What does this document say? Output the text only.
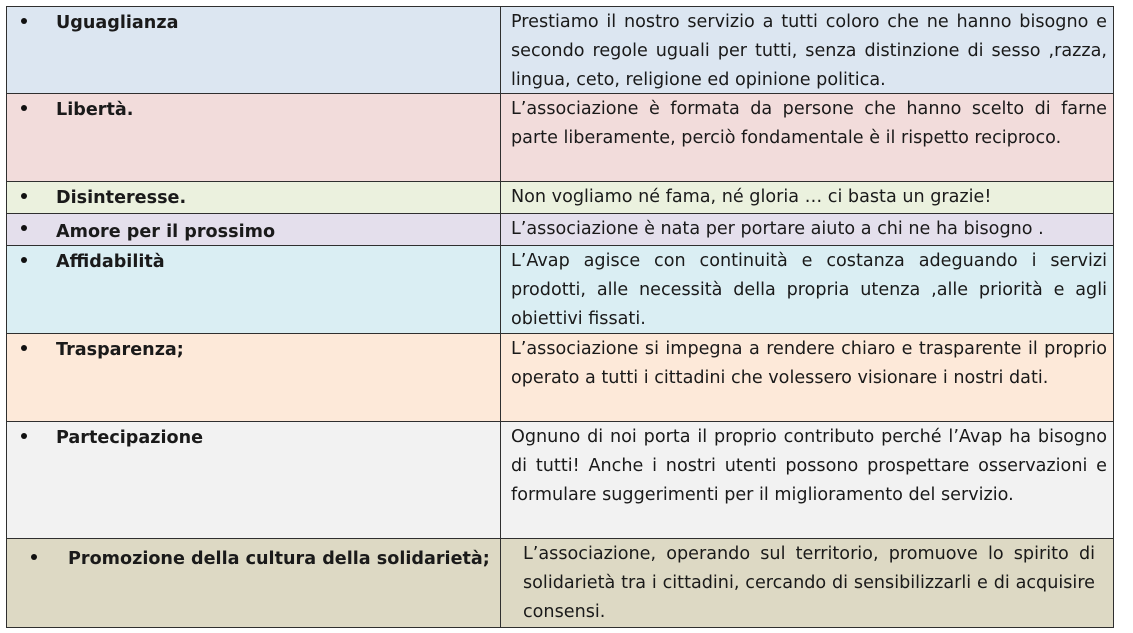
Uguaglianza	Prestiamo il nostro servizio a tutti coloro che ne hanno bisogno e secondo regole uguali per tutti, senza distinzione di sesso ,razza, lingua, ceto, religione ed opinione politica.
Libertà.	L’associazione è formata da persone che hanno scelto di farne parte liberamente, perciò fondamentale è il rispetto reciproco.
Disinteresse.	Non vogliamo né fama, né gloria … ci basta un grazie!
Amore per il prossimo	L’associazione è nata per portare aiuto a chi ne ha bisogno .
Affidabilità	L’Avap agisce con continuità e costanza adeguando i servizi prodotti, alle necessità della propria utenza ,alle priorità e agli obiettivi fissati.
Trasparenza;	L’associazione si impegna a rendere chiaro e trasparente il proprio operato a tutti i cittadini che volessero visionare i nostri dati.
Partecipazione	Ognuno di noi porta il proprio contributo perché l’Avap ha bisogno di tutti! Anche i nostri utenti possono prospettare osservazioni e formulare suggerimenti per il miglioramento del servizio.
Promozione della cultura della solidarietà;	L’associazione, operando sul territorio, promuove lo spirito di solidarietà tra i cittadini, cercando di sensibilizzarli e di acquisire consensi.
